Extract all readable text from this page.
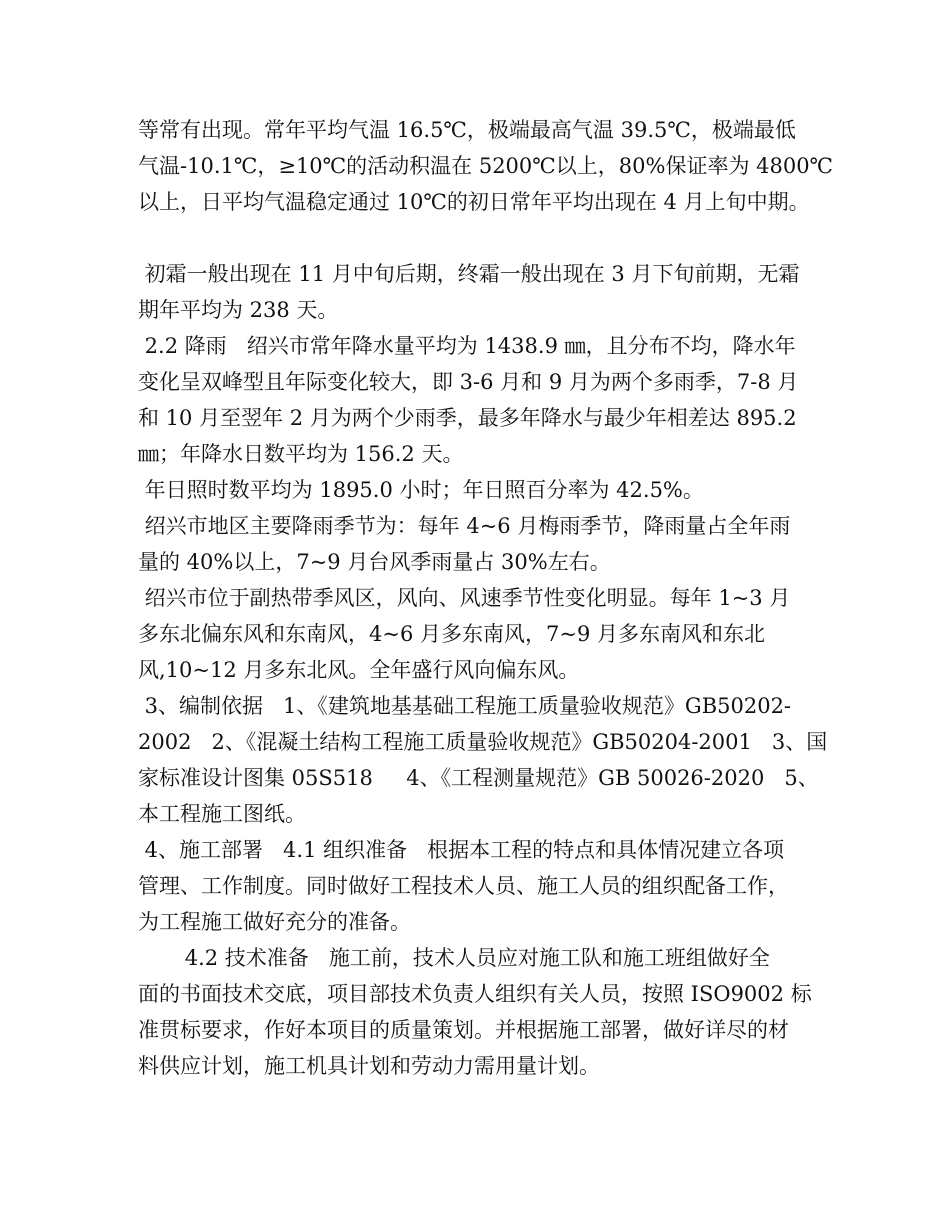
等常有出现。常年平均气温 16.5℃，极端最高气温 39.5℃，极端最低
气温-10.1℃，≥10℃的活动积温在 5200℃以上，80%保证率为 4800℃
以上，日平均气温稳定通过 10℃的初日常年平均出现在 4 月上旬中期。
初霜一般出现在 11 月中旬后期，终霜一般出现在 3 月下旬前期，无霜
期年平均为 238 天。
2.2 降雨   绍兴市常年降水量平均为 1438.9 ㎜，且分布不均，降水年
变化呈双峰型且年际变化较大，即 3-6 月和 9 月为两个多雨季，7-8 月
和 10 月至翌年 2 月为两个少雨季，最多年降水与最少年相差达 895.2
㎜；年降水日数平均为 156.2 天。
年日照时数平均为 1895.0 小时；年日照百分率为 42.5%。
绍兴市地区主要降雨季节为：每年 4~6 月梅雨季节，降雨量占全年雨
量的 40%以上，7~9 月台风季雨量占 30%左右。
绍兴市位于副热带季风区，风向、风速季节性变化明显。每年 1~3 月
多东北偏东风和东南风，4~6 月多东南风，7~9 月多东南风和东北
风,10~12 月多东北风。全年盛行风向偏东风。
3、编制依据   1、《建筑地基基础工程施工质量验收规范》GB50202-
2002   2、《混凝土结构工程施工质量验收规范》GB50204-2001   3、国
家标准设计图集 05S518     4、《工程测量规范》GB 50026-2020   5、
本工程施工图纸。
4、施工部署   4.1 组织准备   根据本工程的特点和具体情况建立各项
管理、工作制度。同时做好工程技术人员、施工人员的组织配备工作，
为工程施工做好充分的准备。
4.2 技术准备   施工前，技术人员应对施工队和施工班组做好全
面的书面技术交底，项目部技术负责人组织有关人员，按照 ISO9002 标
准贯标要求，作好本项目的质量策划。并根据施工部署，做好详尽的材
料供应计划，施工机具计划和劳动力需用量计划。
